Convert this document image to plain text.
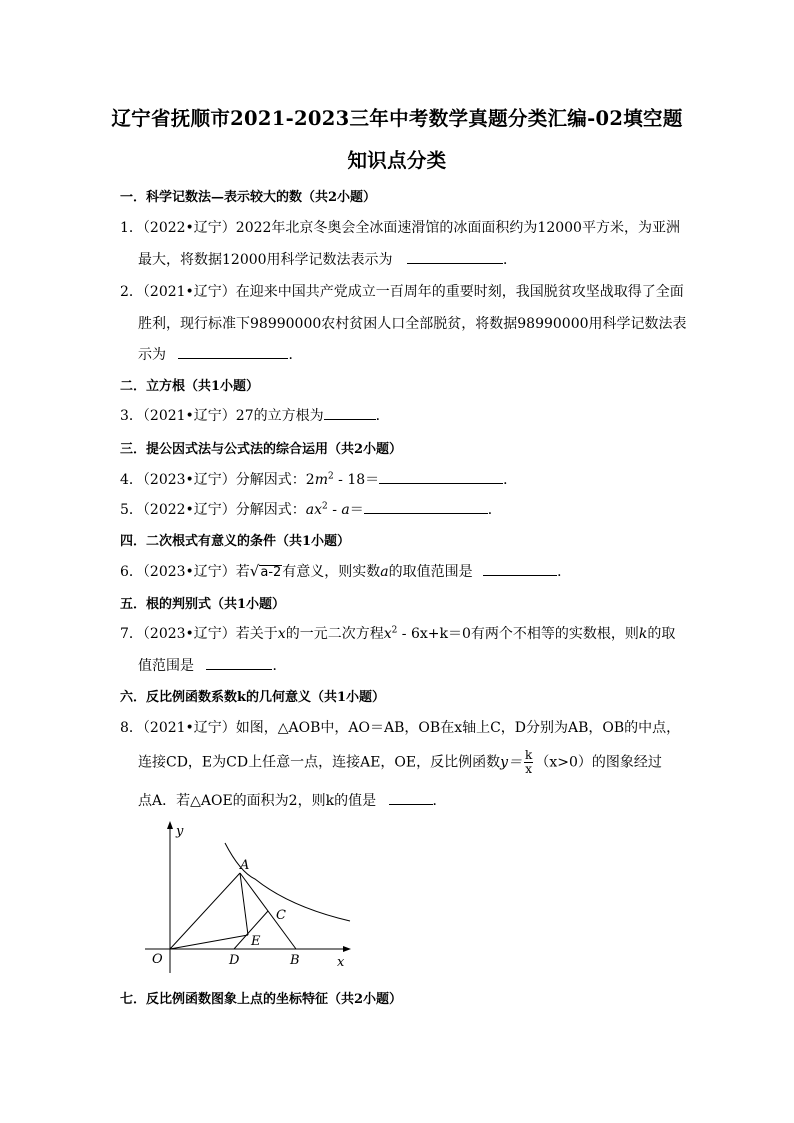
辽宁省抚顺市2021-2023三年中考数学真题分类汇编-02填空题
知识点分类
一．科学记数法—表示较大的数（共2小题）
1．（2022•辽宁）2022年北京冬奥会全冰面速滑馆的冰面面积约为12000平方米，为亚洲
最大，将数据12000用科学记数法表示为	．
2．（2021•辽宁）在迎来中国共产党成立一百周年的重要时刻，我国脱贫攻坚战取得了全面
胜利，现行标准下98990000农村贫困人口全部脱贫，将数据98990000用科学记数法表
示为	．
二．立方根（共1小题）
3．（2021•辽宁）27的立方根为	．
三．提公因式法与公式法的综合运用（共2小题）
4．（2023•辽宁）分解因式：$2m^2 - 18=$	．
5．（2022•辽宁）分解因式：$ax^2 - a=$	．
四．二次根式有意义的条件（共1小题）
6．（2023•辽宁）若√a-2有意义，则实数a的取值范围是	．
五．根的判别式（共1小题）
7．（2023•辽宁）若关于x的一元二次方程$x^2 - 6x+k=0$有两个不相等的实数根，则k的取
值范围是	．
六．反比例函数系数k的几何意义（共1小题）
8．（2021•辽宁）如图，△AOB中，AO＝AB，OB在x轴上C，D分别为AB，OB的中点，
连接CD，E为CD上任意一点，连接AE，OE，反比例函数$y= \frac{k}{x} (x>0)$的图象经过
点A．若△AOE的面积为2，则k的值是	．
y
x
O
A
B
C
D
E
七．反比例函数图象上点的坐标特征（共2小题）
